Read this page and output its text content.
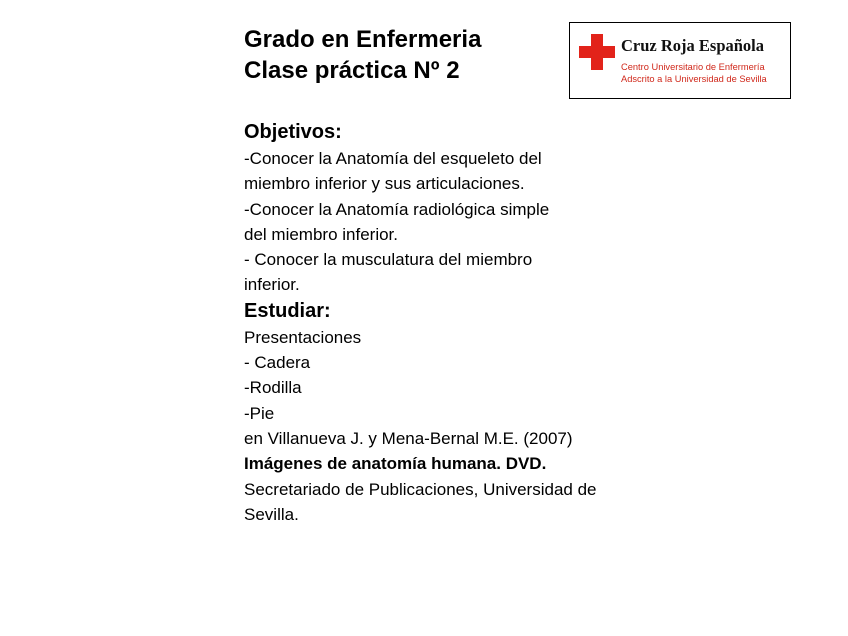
Grado en Enfermeria
Clase práctica Nº 2
Cruz Roja Española
Centro Universitario de Enfermería
Adscrito a la Universidad de Sevilla
Objetivos:
-Conocer la Anatomía del esqueleto del
miembro inferior y sus articulaciones.
-Conocer la Anatomía radiológica simple
del miembro inferior.
- Conocer la musculatura del miembro
inferior.
Estudiar:
Presentaciones
- Cadera
-Rodilla
-Pie
en Villanueva J. y Mena-Bernal M.E. (2007) Imágenes de anatomía humana. DVD. Secretariado de Publicaciones, Universidad de Sevilla.
